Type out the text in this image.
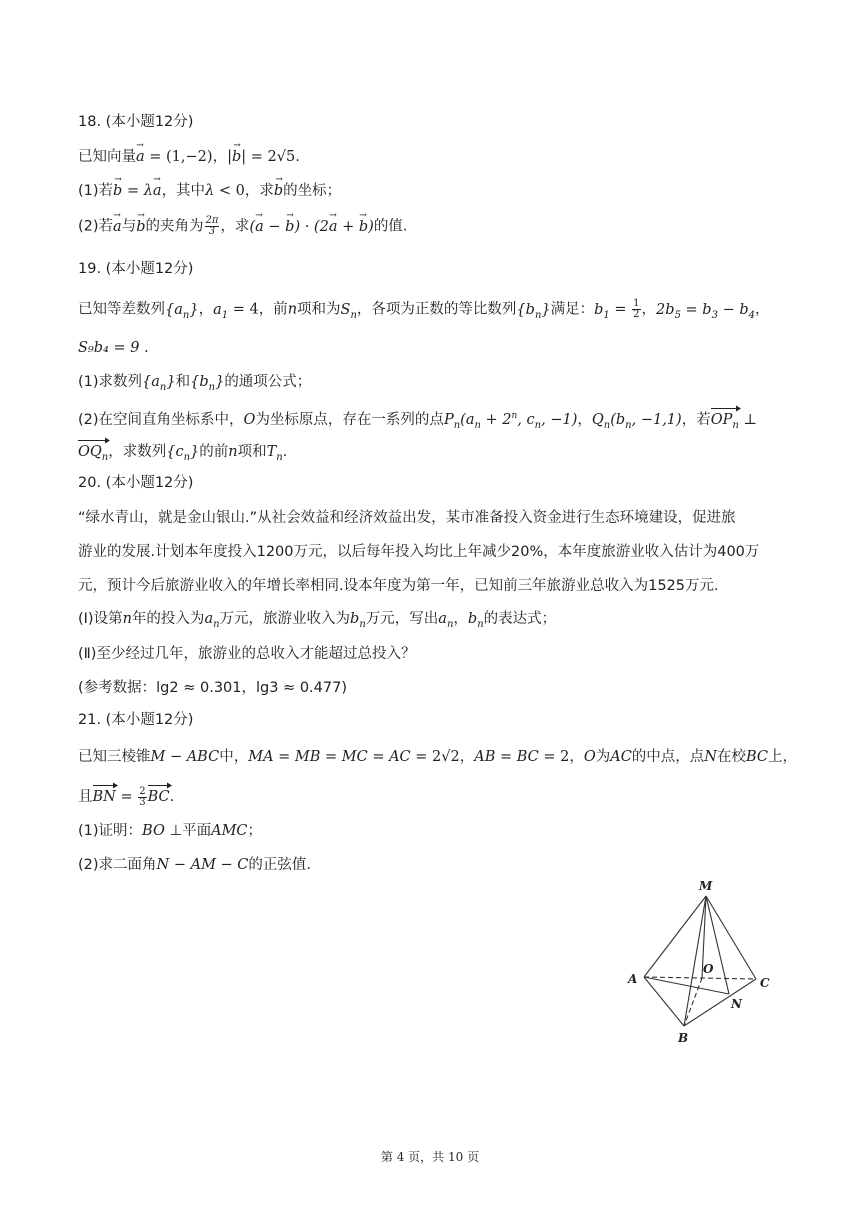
18. (本小题12分)

已知向量→ a = (1,−2)，|→ b| = 2√5.

(1)若→ b = λ→ a，其中λ < 0，求→ b的坐标；

(2)若→ a与→ b的夹角为 $\frac{2\pi}{3}$ ，求(→ a − → b) · (2→ a + → b)的值.

19. (本小题12分)

已知等差数列$\{a_n\}$，$a_1 = 4$，前n项和为$S_n$，各项为正数的等比数列$\{b_n\}$满足：$b_1 = \frac{1}{2}$ ，$2b_5 = b_3 - b_4$，

S₉b₄ = 9 .

(1)求数列$\{a_n\}$和$\{b_n\}$的通项公式；

(2)在空间直角坐标系中，O为坐标原点，存在一系列的点$P_n(a_n + 2^n$, $c_n$, −1)，$Q_n(b_n$, −1,1)，若$OP_n$ ⊥

$OQ_n$，求数列$\{c_n\}$的前n项和$T_n$.

20. (本小题12分)

“绿水青山，就是金山银山.”从社会效益和经济效益出发，某市准备投入资金进行生态环境建设，促进旅

游业的发展.计划本年度投入1200万元，以后每年投入均比上年减少20%，本年度旅游业收入估计为400万

元，预计今后旅游业收入的年增长率相同.设本年度为第一年，已知前三年旅游业总收入为1525万元.

(Ⅰ)设第n年的投入为$a_n$万元，旅游业收入为$b_n$万元，写出$a_n$，$b_n$的表达式；

(Ⅱ)至少经过几年，旅游业的总收入才能超过总投入？

(参考数据：lg2 ≈ 0.301，lg3 ≈ 0.477)

21. (本小题12分)

已知三棱锥M − ABC中，MA = MB = MC = AC = 2√2，AB = BC = 2，O为AC的中点，点N在校BC上，

且BN = $\frac{2}{3}$ BC.

(1)证明：BO ⊥平面AMC；

(2)求二面角N − AM − C的正弦值.

M
A
O
C
N
B
第 4 页，共 10 页
